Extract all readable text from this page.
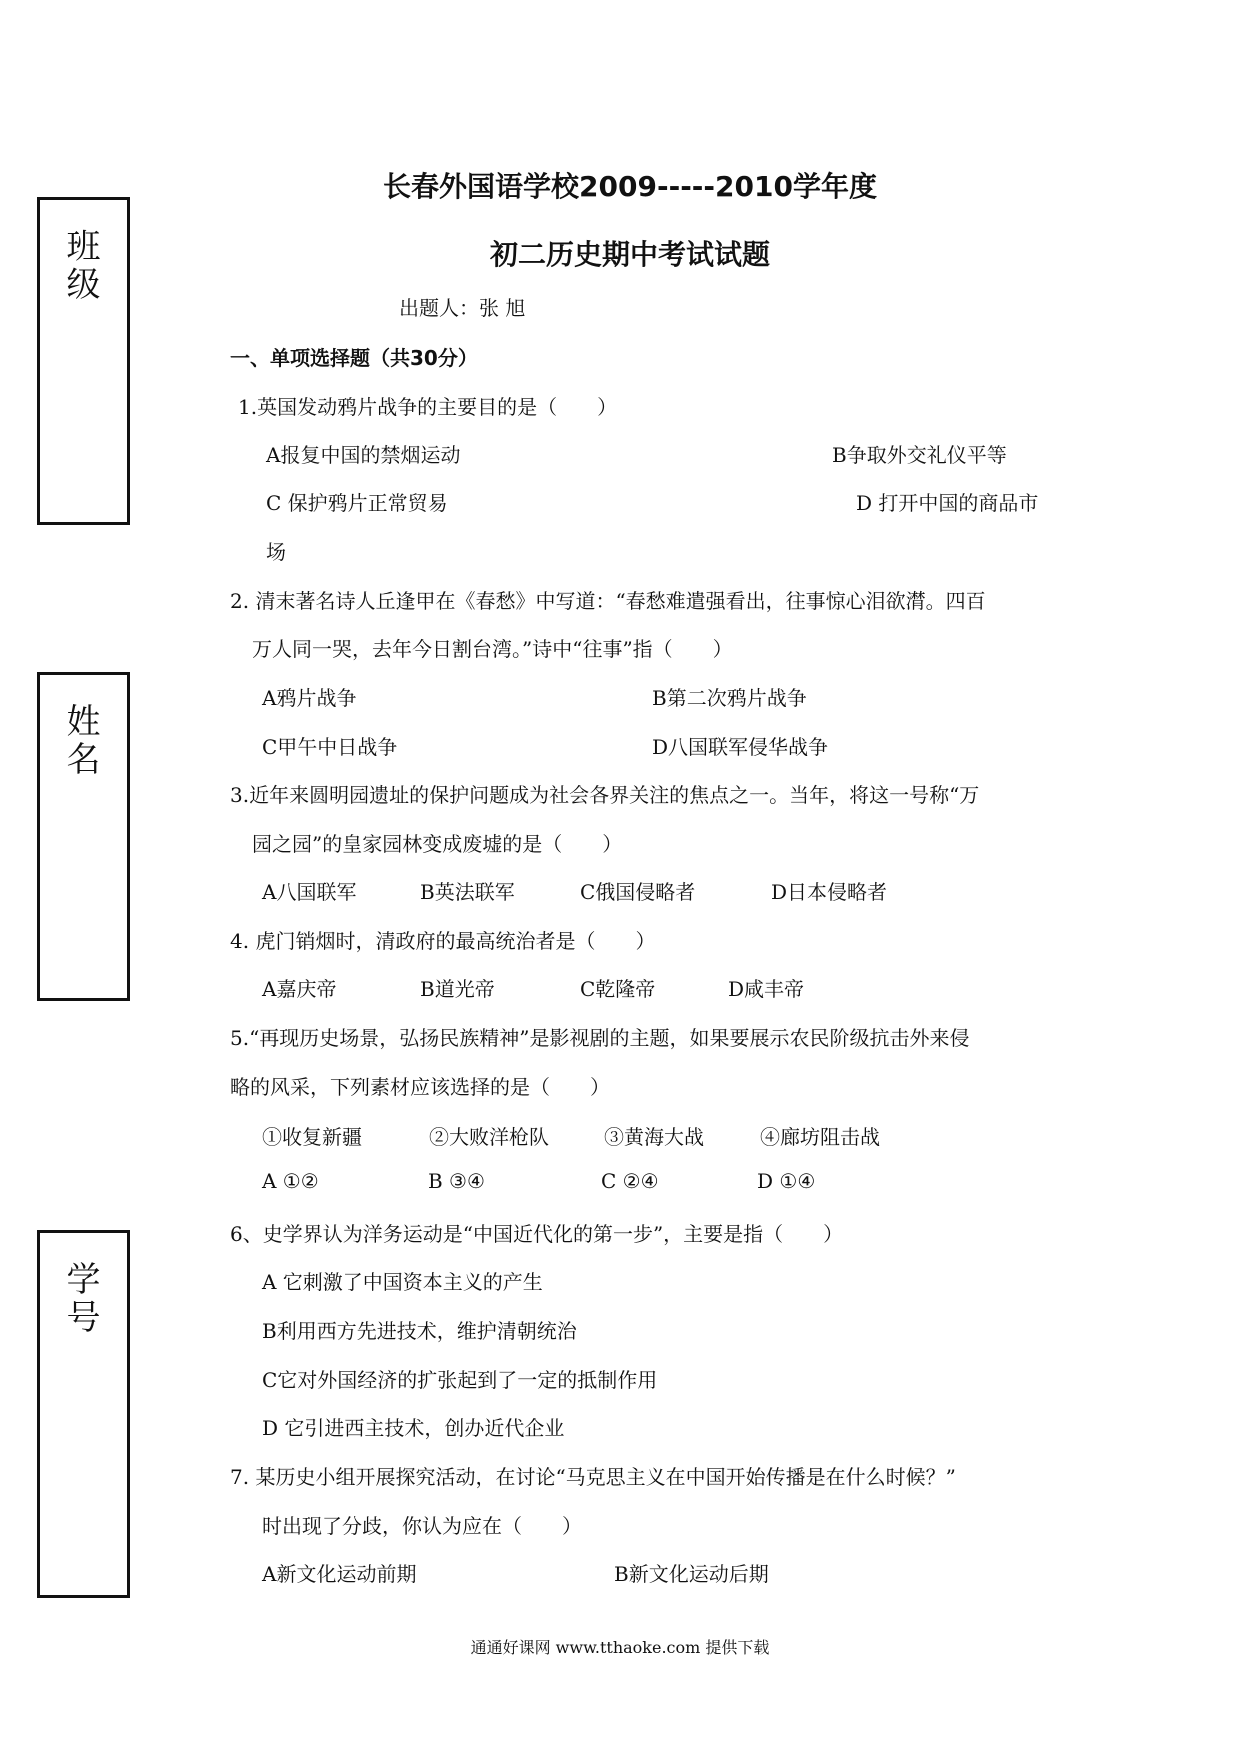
班
级
姓
名
学
号
长春外国语学校2009-----2010学年度
初二历史期中考试试题
出题人：张 旭
一、单项选择题（共30分）
1.英国发动鸦片战争的主要目的是（　　）
A报复中国的禁烟运动	B争取外交礼仪平等
C 保护鸦片正常贸易	D 打开中国的商品市
场
2. 清末著名诗人丘逢甲在《春愁》中写道：“春愁难遣强看出，往事惊心泪欲潸。四百
万人同一哭，去年今日割台湾。”诗中“往事”指（　　）
A鸦片战争	B第二次鸦片战争
C甲午中日战争	D八国联军侵华战争
3.近年来圆明园遗址的保护问题成为社会各界关注的焦点之一。当年，将这一号称“万
园之园”的皇家园林变成废墟的是（　　）
A八国联军	B英法联军	C俄国侵略者	D日本侵略者
4. 虎门销烟时，清政府的最高统治者是（　　）
A嘉庆帝	B道光帝	C乾隆帝	D咸丰帝
5.“再现历史场景，弘扬民族精神”是影视剧的主题，如果要展示农民阶级抗击外来侵
略的风采，下列素材应该选择的是（　　）
①收复新疆	②大败洋枪队	③黄海大战	④廊坊阻击战
A ①②	B ③④	C ②④	D ①④
6、史学界认为洋务运动是“中国近代化的第一步”，主要是指（　　）
A 它刺激了中国资本主义的产生
B利用西方先进技术，维护清朝统治
C它对外国经济的扩张起到了一定的抵制作用
D 它引进西主技术，创办近代企业
7. 某历史小组开展探究活动，在讨论“马克思主义在中国开始传播是在什么时候？”
时出现了分歧，你认为应在（　　）
A新文化运动前期	B新文化运动后期
通通好课网 www.tthaoke.com 提供下载
